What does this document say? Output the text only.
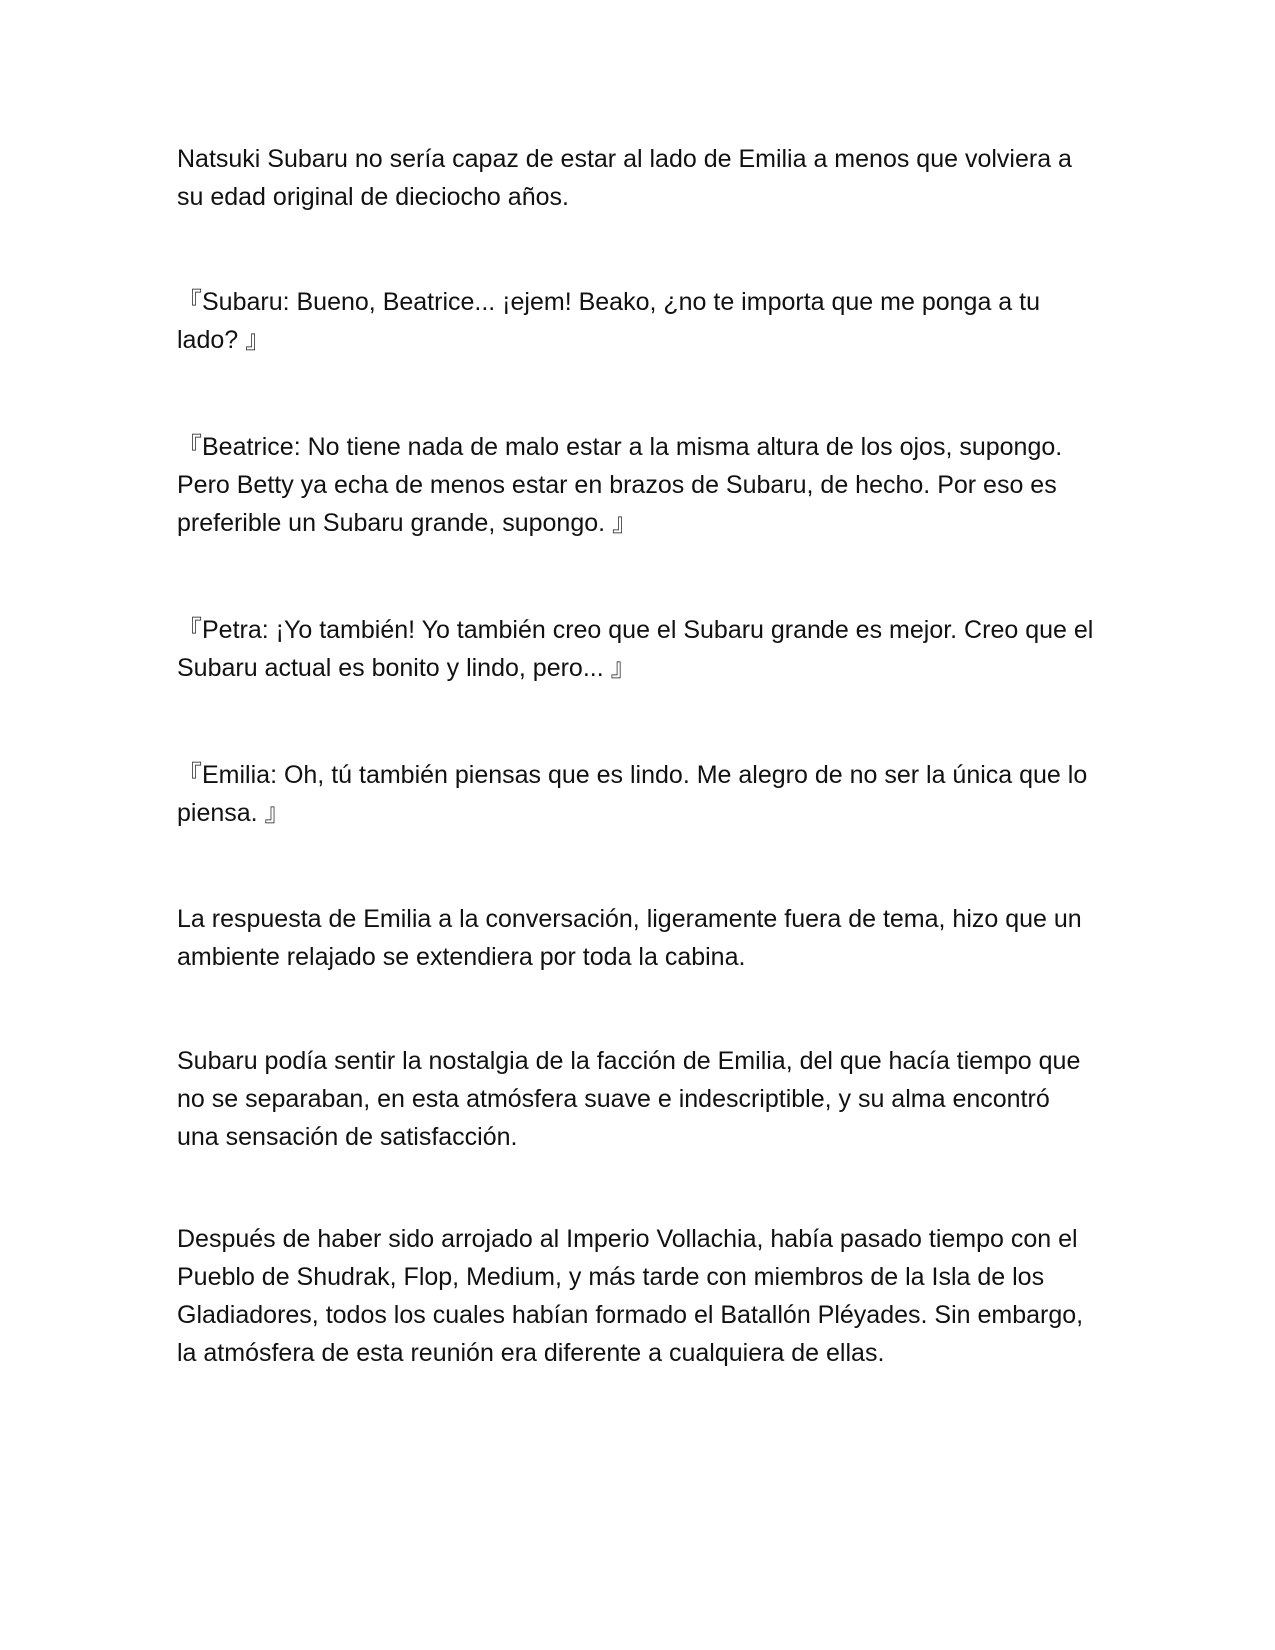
Natsuki Subaru no sería capaz de estar al lado de Emilia a menos que volviera a su edad original de dieciocho años.

『Subaru: Bueno, Beatrice... ¡ejem! Beako, ¿no te importa que me ponga a tu lado? 』

『Beatrice: No tiene nada de malo estar a la misma altura de los ojos, supongo. Pero Betty ya echa de menos estar en brazos de Subaru, de hecho. Por eso es preferible un Subaru grande, supongo. 』

『Petra: ¡Yo también! Yo también creo que el Subaru grande es mejor. Creo que el Subaru actual es bonito y lindo, pero... 』

『Emilia: Oh, tú también piensas que es lindo. Me alegro de no ser la única que lo piensa. 』

La respuesta de Emilia a la conversación, ligeramente fuera de tema, hizo que un ambiente relajado se extendiera por toda la cabina.

Subaru podía sentir la nostalgia de la facción de Emilia, del que hacía tiempo que no se separaban, en esta atmósfera suave e indescriptible, y su alma encontró una sensación de satisfacción.

Después de haber sido arrojado al Imperio Vollachia, había pasado tiempo con el Pueblo de Shudrak, Flop, Medium, y más tarde con miembros de la Isla de los Gladiadores, todos los cuales habían formado el Batallón Pléyades. Sin embargo, la atmósfera de esta reunión era diferente a cualquiera de ellas.
